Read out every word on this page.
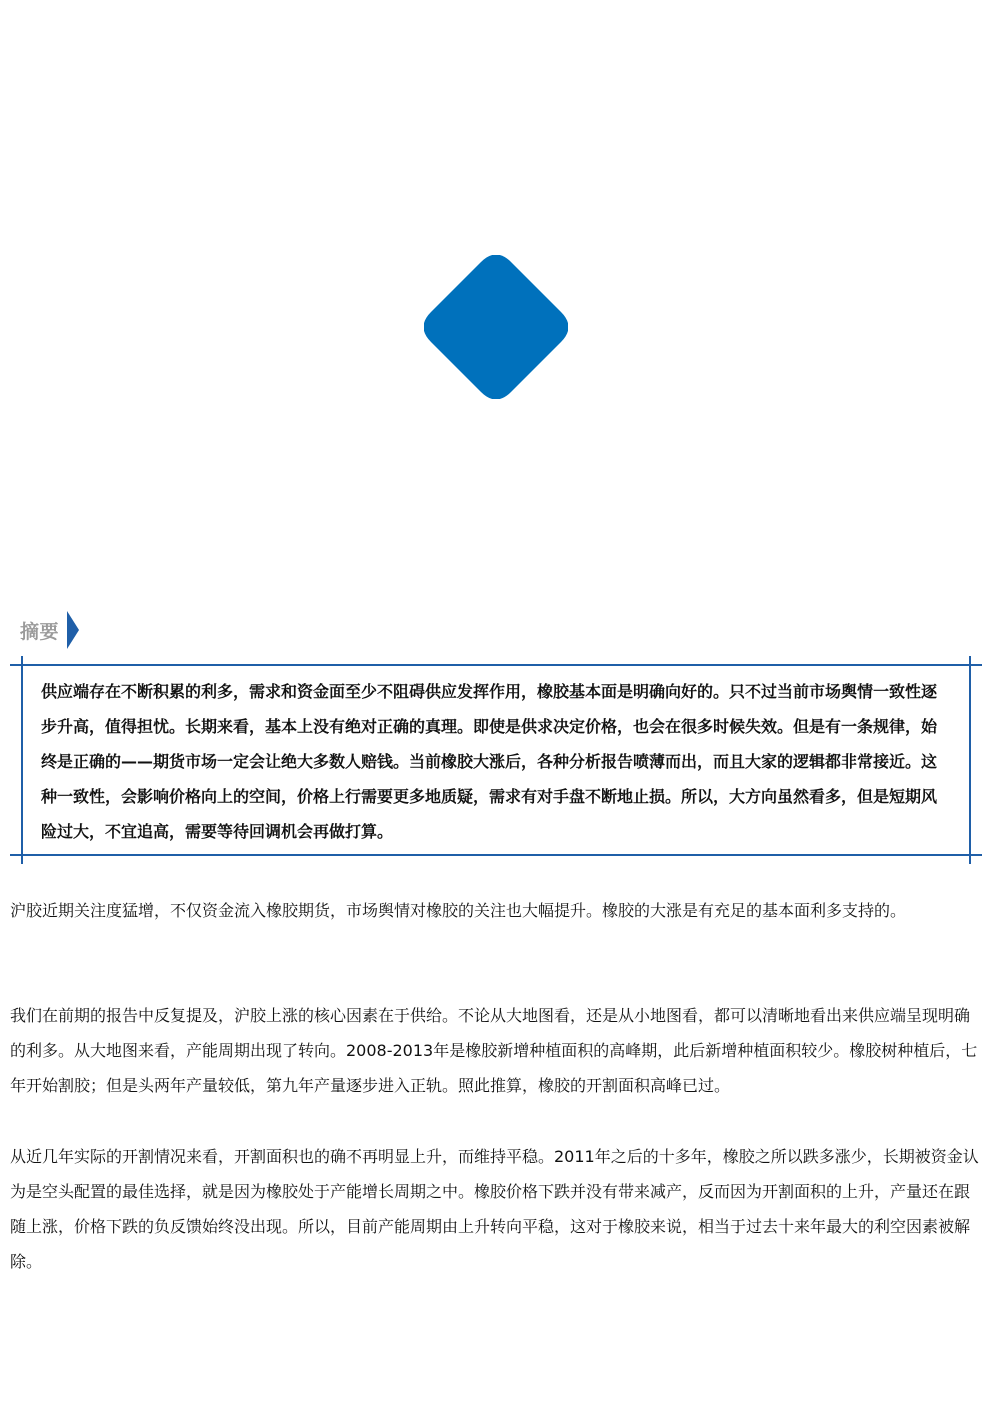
摘要

供应端存在不断积累的利多，需求和资金面至少不阻碍供应发挥作用，橡胶基本面是明确向好的。只不过当前市场舆情一致性逐步升高，值得担忧。长期来看，基本上没有绝对正确的真理。即使是供求决定价格，也会在很多时候失效。但是有一条规律，始终是正确的——期货市场一定会让绝大多数人赔钱。当前橡胶大涨后，各种分析报告喷薄而出，而且大家的逻辑都非常接近。这种一致性，会影响价格向上的空间，价格上行需要更多地质疑，需求有对手盘不断地止损。所以，大方向虽然看多，但是短期风险过大，不宜追高，需要等待回调机会再做打算。

沪胶近期关注度猛增，不仅资金流入橡胶期货，市场舆情对橡胶的关注也大幅提升。橡胶的大涨是有充足的基本面利多支持的。

我们在前期的报告中反复提及，沪胶上涨的核心因素在于供给。不论从大地图看，还是从小地图看，都可以清晰地看出来供应端呈现明确的利多。从大地图来看，产能周期出现了转向。2008-2013年是橡胶新增种植面积的高峰期，此后新增种植面积较少。橡胶树种植后，七年开始割胶；但是头两年产量较低，第九年产量逐步进入正轨。照此推算，橡胶的开割面积高峰已过。

从近几年实际的开割情况来看，开割面积也的确不再明显上升，而维持平稳。2011年之后的十多年，橡胶之所以跌多涨少，长期被资金认为是空头配置的最佳选择，就是因为橡胶处于产能增长周期之中。橡胶价格下跌并没有带来减产，反而因为开割面积的上升，产量还在跟随上涨，价格下跌的负反馈始终没出现。所以，目前产能周期由上升转向平稳，这对于橡胶来说，相当于过去十来年最大的利空因素被解除。
